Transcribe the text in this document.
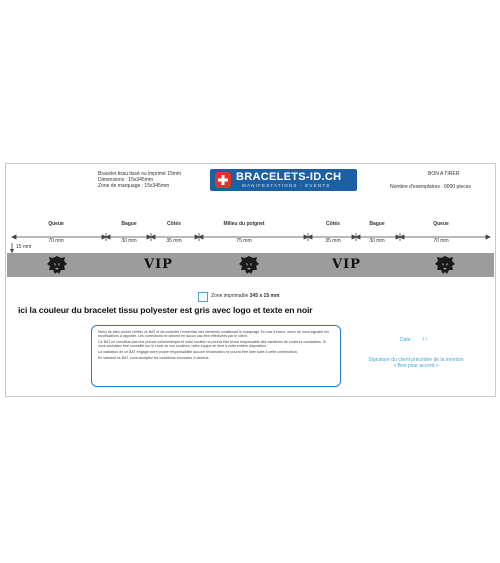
Bracelet tissu tissé ou imprimé 15mm
Dimensions : 15x345mm
Zone de marquage : 15x345mm
BRACELETS-ID.CH
MANIFESTATIONS - EVENTS
BON A TIRER
Nombre d'exemplaires : 0000 pieces
Queue
70 mm
Bague
30 mm
Côtés
35 mm
Milieu du poignet
75 mm
Côtés
35 mm
Bague
30 mm
Queue
70 mm
15 mm
VIP	VIP
Zone imprimable 345 x 15 mm
ici la couleur du bracelet tissu polyester est gris avec logo et texte en noir

Merci de bien vouloir vérifier ce BAT et de contrôler l'ensemble des éléments constituant le marquage. En cas d'erreur, merci de nous signaler les modifications à apporter. Les corrections ne doivent en aucun cas être effectuées par le client.

Ce BAT ne constitue pas une preuve colorimétrique et notre société ne pourra être tenue responsable des variations de couleurs constatées. Si vous souhaitez être conseillé sur le choix de vos couleurs, notre équipe se tient à votre entière disposition.

La validation de ce BAT engage votre propre responsabilité aucune réclamation ne pourra être faite suite à cette confirmation.

En validant ce BAT, vous acceptez les conditions énoncées ci-dessus.

Date : / /
Signature du client précédée de la mention
« Bon pour accord »
